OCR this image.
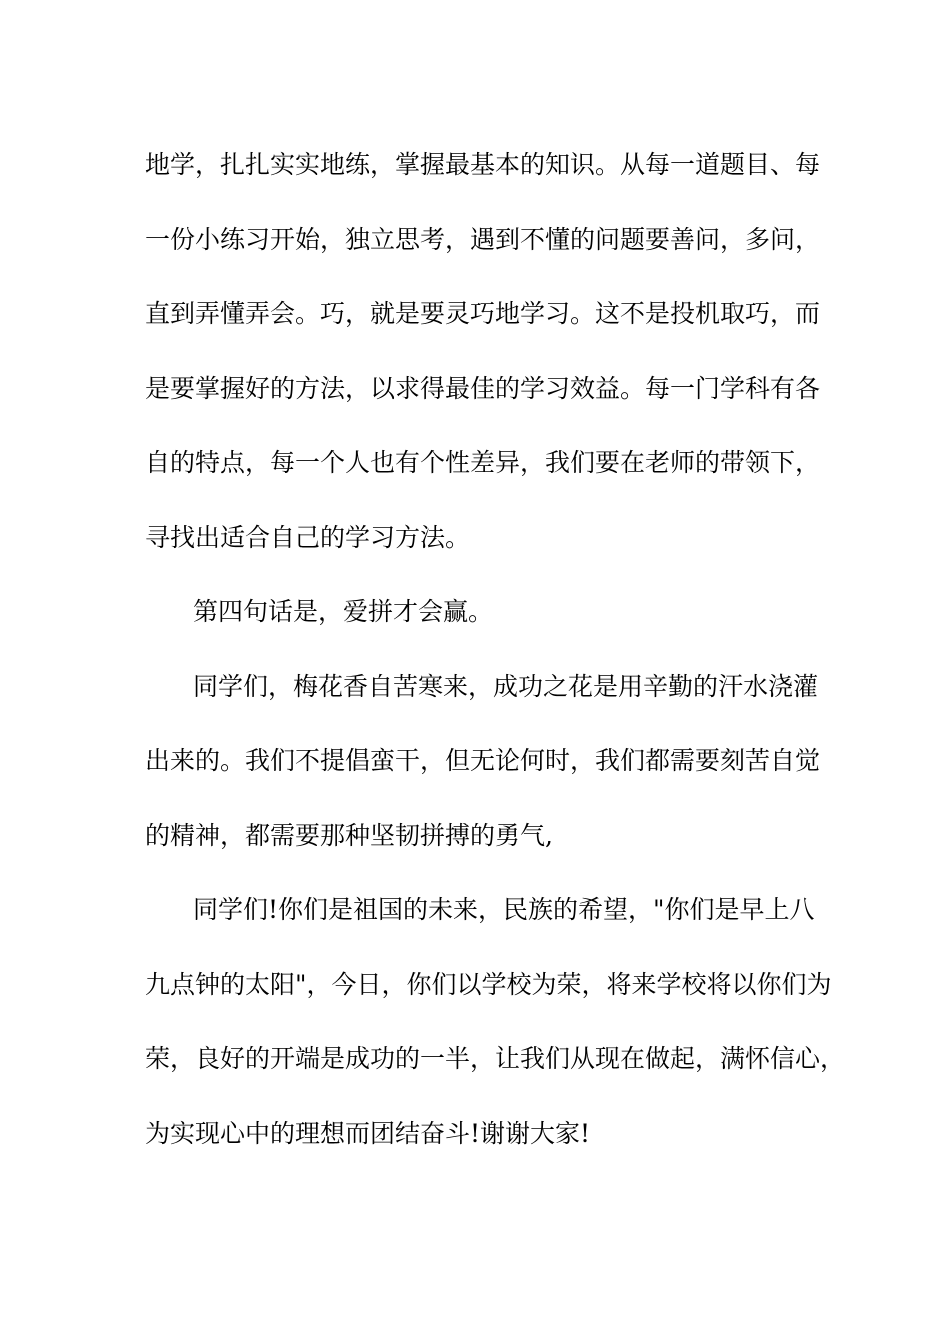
地学，扎扎实实地练，掌握最基本的知识。从每一道题目、每
一份小练习开始，独立思考，遇到不懂的问题要善问，多问，
直到弄懂弄会。巧，就是要灵巧地学习。这不是投机取巧，而
是要掌握好的方法，以求得最佳的学习效益。每一门学科有各
自的特点，每一个人也有个性差异，我们要在老师的带领下，
寻找出适合自己的学习方法。
第四句话是，爱拼才会赢。
同学们，梅花香自苦寒来，成功之花是用辛勤的汗水浇灌
出来的。我们不提倡蛮干，但无论何时，我们都需要刻苦自觉
的精神，都需要那种坚韧拼搏的勇气,
同学们!你们是祖国的未来，民族的希望，"你们是早上八
九点钟的太阳"，今日，你们以学校为荣，将来学校将以你们为
荣，良好的开端是成功的一半，让我们从现在做起，满怀信心，
为实现心中的理想而团结奋斗!谢谢大家!
